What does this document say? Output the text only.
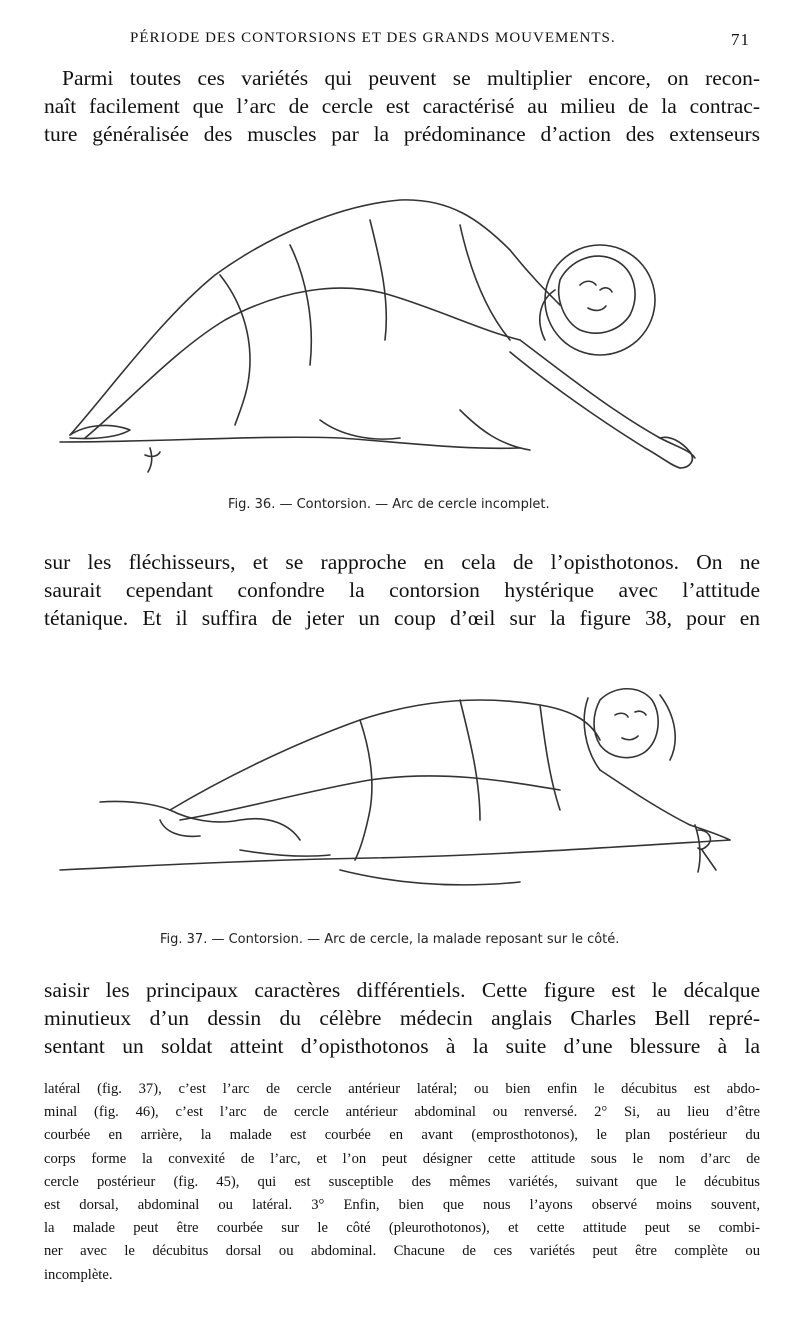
PÉRIODE DES CONTORSIONS ET DES GRANDS MOUVEMENTS.	71
Parmi toutes ces variétés qui peuvent se multiplier encore, on recon-
naît facilement que l’arc de cercle est caractérisé au milieu de la contrac-
ture généralisée des muscles par la prédominance d’action des extenseurs
Fig. 36. — Contorsion. — Arc de cercle incomplet.
sur les fléchisseurs, et se rapproche en cela de l’opisthotonos. On ne
saurait cependant confondre la contorsion hystérique avec l’attitude
tétanique. Et il suffira de jeter un coup d’œil sur la figure 38, pour en
Fig. 37. — Contorsion. — Arc de cercle, la malade reposant sur le côté.
saisir les principaux caractères différentiels. Cette figure est le décalque
minutieux d’un dessin du célèbre médecin anglais Charles Bell repré-
sentant un soldat atteint d’opisthotonos à la suite d’une blessure à la
latéral (fig. 37), c’est l’arc de cercle antérieur latéral; ou bien enfin le décubitus est abdo-
minal (fig. 46), c’est l’arc de cercle antérieur abdominal ou renversé. 2° Si, au lieu d’être
courbée en arrière, la malade est courbée en avant (emprosthotonos), le plan postérieur du
corps forme la convexité de l’arc, et l’on peut désigner cette attitude sous le nom d’arc de
cercle postérieur (fig. 45), qui est susceptible des mêmes variétés, suivant que le décubitus
est dorsal, abdominal ou latéral. 3° Enfin, bien que nous l’ayons observé moins souvent,
la malade peut être courbée sur le côté (pleurothotonos), et cette attitude peut se combi-
ner avec le décubitus dorsal ou abdominal. Chacune de ces variétés peut être complète ou
incomplète.
